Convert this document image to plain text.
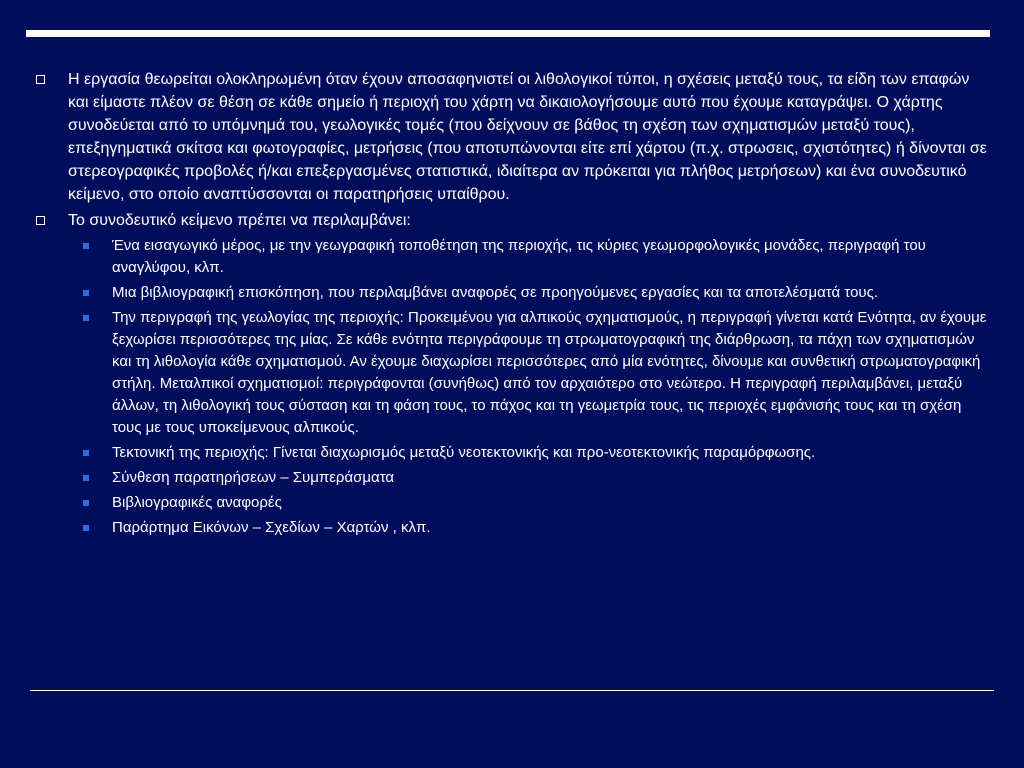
Η εργασία θεωρείται ολοκληρωμένη όταν έχουν αποσαφηνιστεί οι λιθολογικοί τύποι, η σχέσεις μεταξύ τους, τα είδη των επαφών και είμαστε πλέον σε θέση σε κάθε σημείο ή περιοχή του χάρτη να δικαιολογήσουμε αυτό που έχουμε καταγράψει. Ο χάρτης συνοδεύεται από το υπόμνημά του, γεωλογικές τομές (που δείχνουν σε βάθος τη σχέση των σχηματισμών μεταξύ τους), επεξηγηματικά σκίτσα και φωτογραφίες, μετρήσεις (που αποτυπώνονται είτε επί χάρτου (π.χ. στρωσεις, σχιστότητες) ή δίνονται σε στερεογραφικές προβολές ή/και επεξεργασμένες στατιστικά, ιδιαίτερα αν πρόκειται για πλήθος μετρήσεων) και ένα συνοδευτικό κείμενο, στο οποίο αναπτύσσονται οι παρατηρήσεις υπαίθρου.
Το συνοδευτικό κείμενο πρέπει να περιλαμβάνει:
Ένα εισαγωγικό μέρος, με την γεωγραφική τοποθέτηση της περιοχής, τις κύριες γεωμορφολογικές μονάδες, περιγραφή του αναγλύφου, κλπ.
Μια βιβλιογραφική επισκόπηση, που περιλαμβάνει αναφορές σε προηγούμενες εργασίες και τα αποτελέσματά τους.
Την περιγραφή της γεωλογίας της περιοχής: Προκειμένου για αλπικούς σχηματισμούς, η περιγραφή γίνεται κατά Ενότητα, αν έχουμε ξεχωρίσει περισσότερες της μίας. Σε κάθε ενότητα περιγράφουμε τη στρωματογραφική της διάρθρωση, τα πάχη των σχηματισμών και τη λιθολογία κάθε σχηματισμού. Αν έχουμε διαχωρίσει περισσότερες από μία ενότητες, δίνουμε και συνθετική στρωματογραφική στήλη. Μεταλπικοί σχηματισμοί: περιγράφονται (συνήθως) από τον αρχαιότερο στο νεώτερο. Η περιγραφή περιλαμβάνει, μεταξύ άλλων, τη λιθολογική τους σύσταση και τη φάση τους, το πάχος και τη γεωμετρία τους, τις περιοχές εμφάνισής τους και τη σχέση τους με τους υποκείμενους αλπικούς.
Τεκτονική της περιοχής: Γίνεται διαχωρισμός μεταξύ νεοτεκτονικής και προ-νεοτεκτονικής παραμόρφωσης.
Σύνθεση παρατηρήσεων – Συμπεράσματα
Βιβλιογραφικές αναφορές
Παράρτημα Εικόνων – Σχεδίων – Χαρτών , κλπ.
